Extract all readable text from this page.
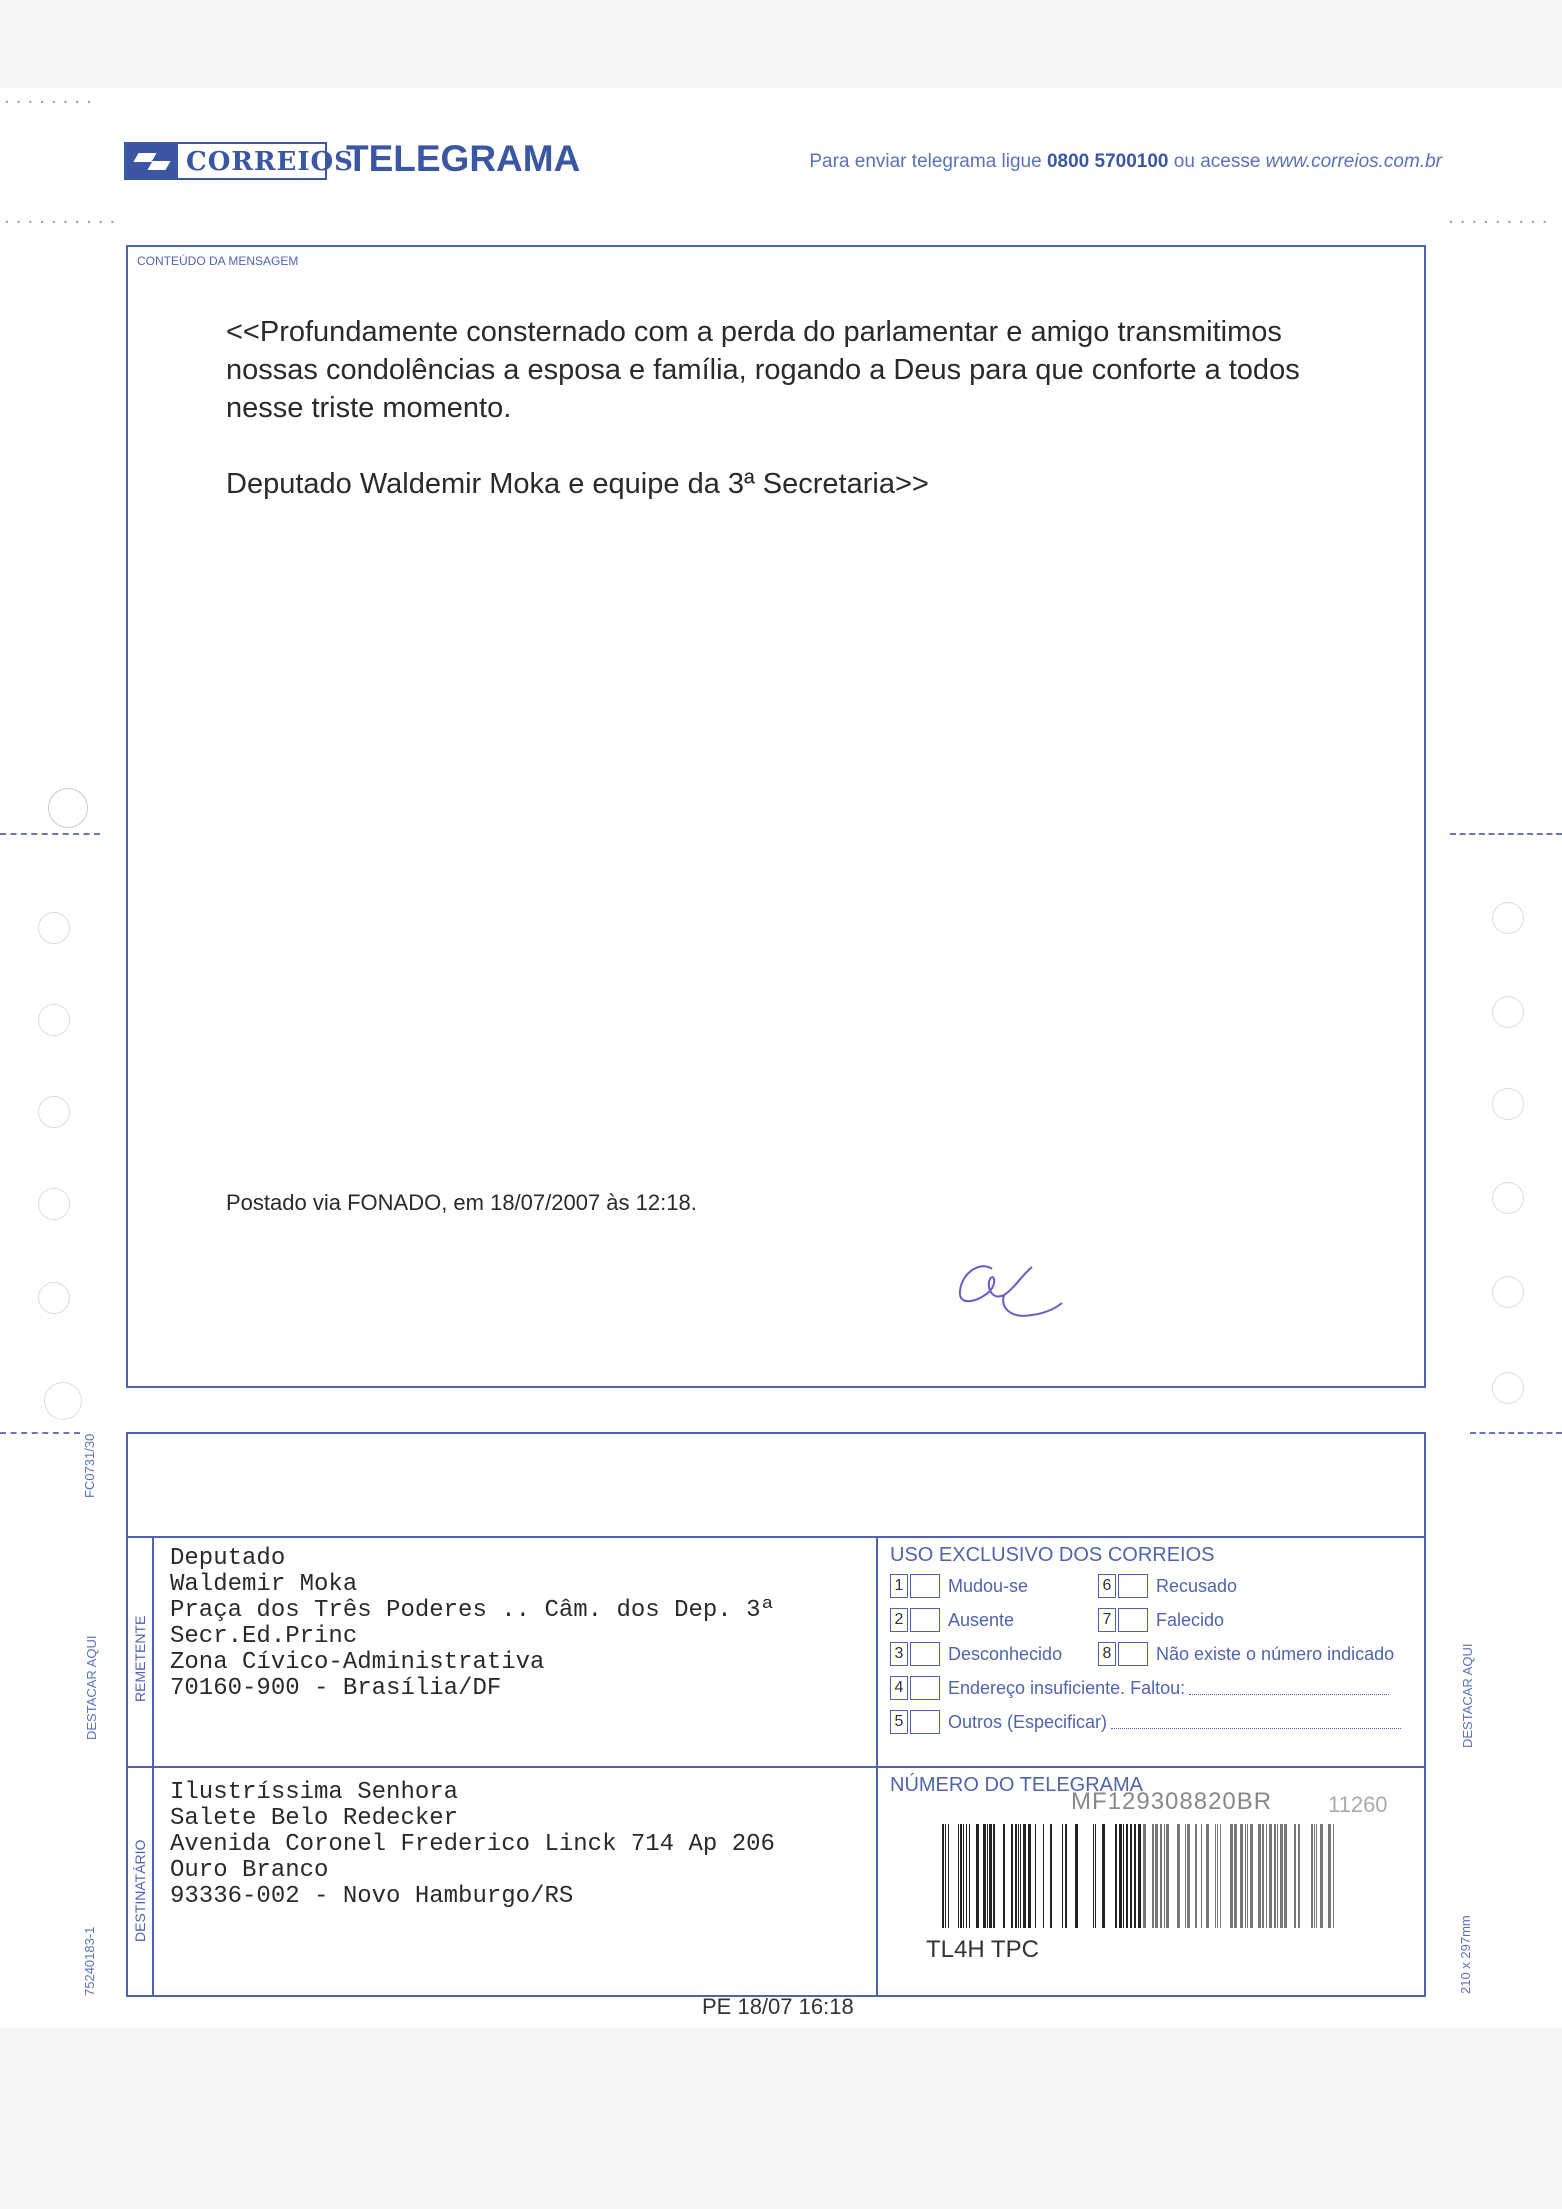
········
··········	·········
CORREIOS
TELEGRAMA	Para enviar telegrama ligue 0800 5700100 ou acesse www.correios.com.br
CONTEÚDO DA MENSAGEM
<<Profundamente consternado com a perda do parlamentar e amigo transmitimos nossas condolências a esposa e família, rogando a Deus para que conforte a todos nesse triste momento.
Deputado Waldemir Moka e equipe da 3ª Secretaria>>
Postado via FONADO, em 18/07/2007 às 12:18.
REMETENTE
DESTINATÁRIO
Deputado
Waldemir Moka
Praça dos Três Poderes .. Câm. dos Dep. 3ª
Secr.Ed.Princ
Zona Cívico-Administrativa
70160-900 - Brasília/DF
Ilustríssima Senhora
Salete Belo Redecker
Avenida Coronel Frederico Linck 714 Ap 206
Ouro Branco
93336-002 - Novo Hamburgo/RS
USO EXCLUSIVO DOS CORREIOS
1 Mudou-se	6 Recusado
2 Ausente	7 Falecido
3 Desconhecido	8 Não existe o número indicado
4 Endereço insuficiente. Faltou:
5 Outros (Especificar)
NÚMERO DO TELEGRAMA
MF129308820BR	11260
TL4H TPC
PE 18/07 16:18
FC0731/30
DESTACAR AQUI	DESTACAR AQUI
75240183-1	210 x 297mm
